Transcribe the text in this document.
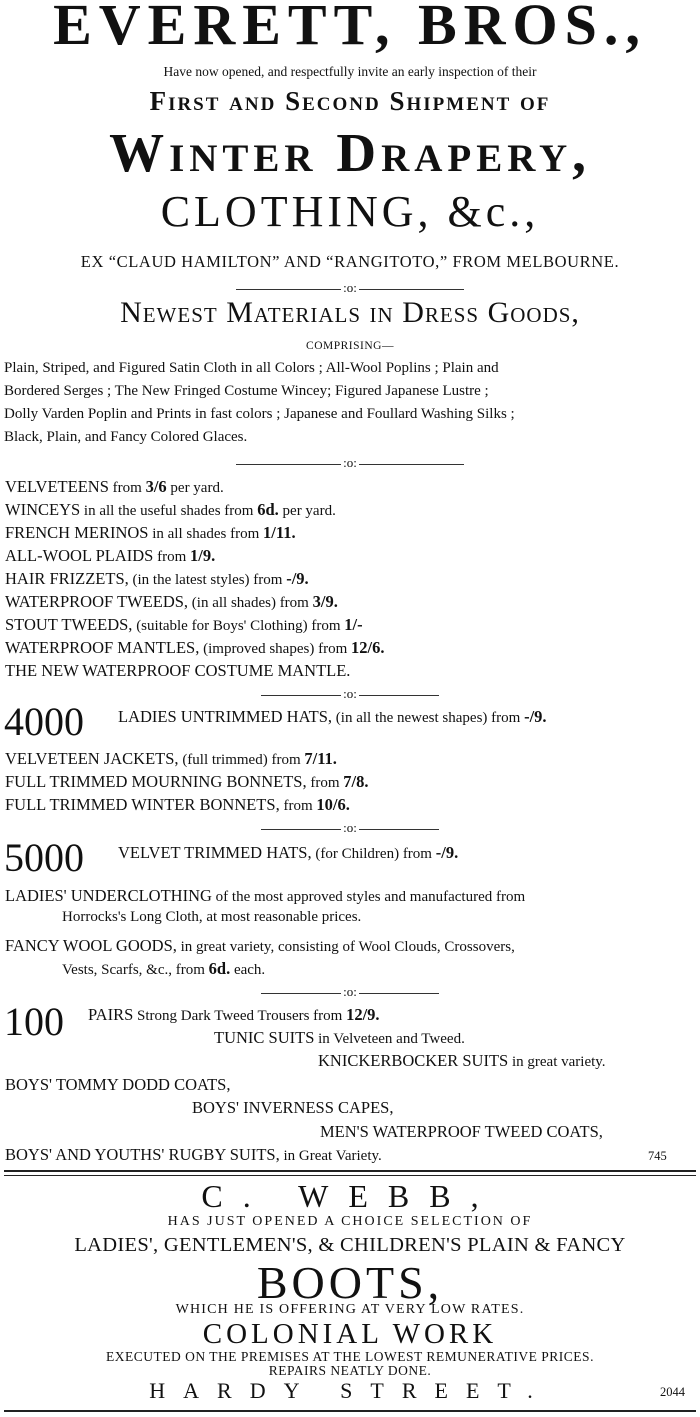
EVERETT, BROS.,
Have now opened, and respectfully invite an early inspection of their
First and Second Shipment of
Winter Drapery,
CLOTHING, &c.,
EX “CLAUD HAMILTON” AND “RANGITOTO,” FROM MELBOURNE.
:o:
Newest Materials in Dress Goods,
COMPRISING—
Plain, Striped, and Figured Satin Cloth in all Colors ; All-Wool Poplins ; Plain and
Bordered Serges ; The New Fringed Costume Wincey; Figured Japanese Lustre ;
Dolly Varden Poplin and Prints in fast colors ; Japanese and Foullard Washing Silks ;
Black, Plain, and Fancy Colored Glaces.
:o:
VELVETEENS from 3/6 per yard.
WINCEYS in all the useful shades from 6d. per yard.
FRENCH MERINOS in all shades from 1/11.
ALL-WOOL PLAIDS from 1/9.
HAIR FRIZZETS, (in the latest styles) from -/9.
WATERPROOF TWEEDS, (in all shades) from 3/9.
STOUT TWEEDS, (suitable for Boys' Clothing) from 1/-
WATERPROOF MANTLES, (improved shapes) from 12/6.
THE NEW WATERPROOF COSTUME MANTLE.
:o:
4000 LADIES UNTRIMMED HATS, (in all the newest shapes) from -/9.
VELVETEEN JACKETS, (full trimmed) from 7/11.
FULL TRIMMED MOURNING BONNETS, from 7/8.
FULL TRIMMED WINTER BONNETS, from 10/6.
:o:
5000 VELVET TRIMMED HATS, (for Children) from -/9.
LADIES' UNDERCLOTHING of the most approved styles and manufactured from
Horrocks's Long Cloth, at most reasonable prices.
FANCY WOOL GOODS, in great variety, consisting of Wool Clouds, Crossovers,
Vests, Scarfs, &c., from 6d. each.
:o:
100 PAIRS Strong Dark Tweed Trousers from 12/9.
TUNIC SUITS in Velveteen and Tweed.
KNICKERBOCKER SUITS in great variety.
BOYS' TOMMY DODD COATS,
BOYS' INVERNESS CAPES,
MEN'S WATERPROOF TWEED COATS,
BOYS' AND YOUTHS' RUGBY SUITS, in Great Variety.	745
C. WEBB,
HAS JUST OPENED A CHOICE SELECTION OF
LADIES', GENTLEMEN'S, & CHILDREN'S PLAIN & FANCY
BOOTS,
WHICH HE IS OFFERING AT VERY LOW RATES.
COLONIAL WORK
EXECUTED ON THE PREMISES AT THE LOWEST REMUNERATIVE PRICES.
REPAIRS NEATLY DONE.
HARDY STREET.	2044
